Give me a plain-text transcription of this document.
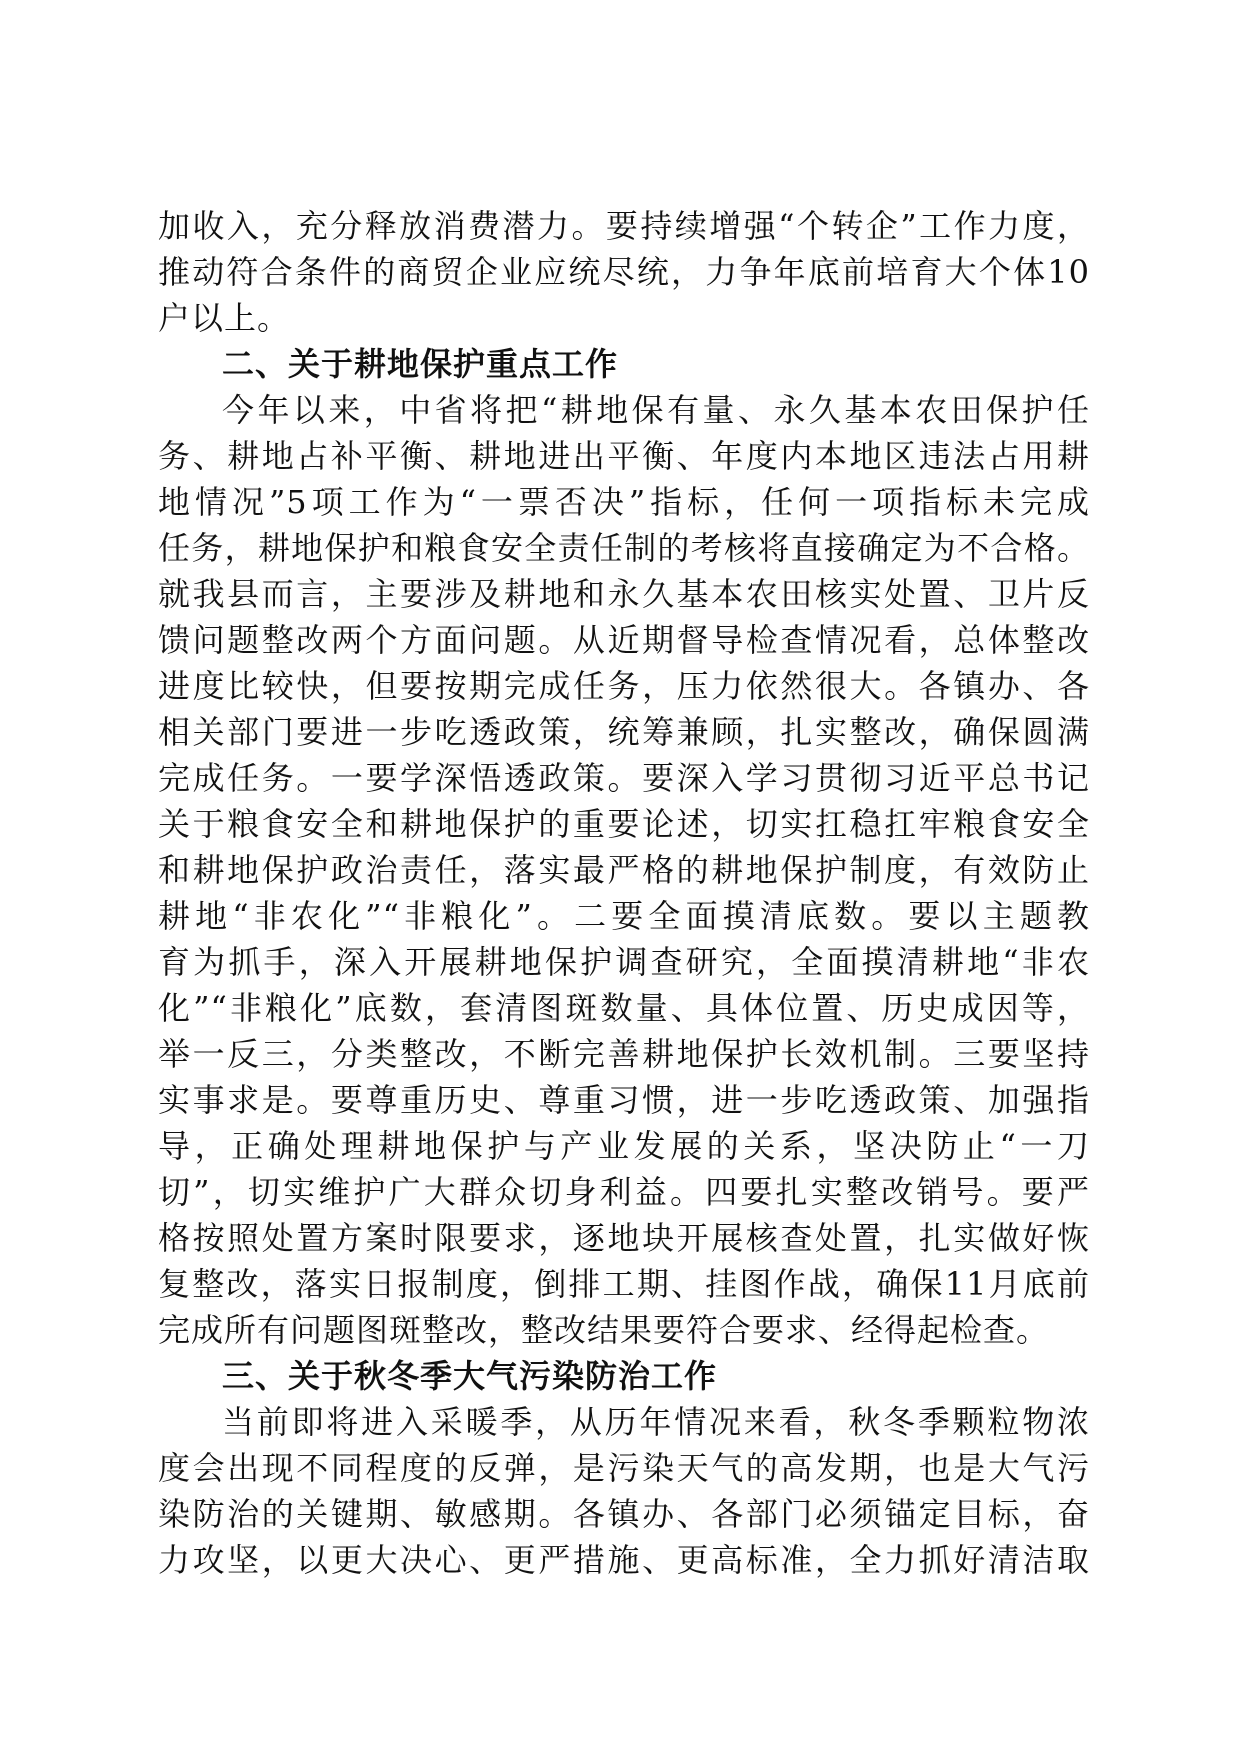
加收入，充分释放消费潜力。要持续增强“个转企”工作力度，
推动符合条件的商贸企业应统尽统，力争年底前培育大个体10
户以上。
二、关于耕地保护重点工作
今年以来，中省将把“耕地保有量、永久基本农田保护任
务、耕地占补平衡、耕地进出平衡、年度内本地区违法占用耕
地情况”5项工作为“一票否决”指标，任何一项指标未完成
任务，耕地保护和粮食安全责任制的考核将直接确定为不合格。
就我县而言，主要涉及耕地和永久基本农田核实处置、卫片反
馈问题整改两个方面问题。从近期督导检查情况看，总体整改
进度比较快，但要按期完成任务，压力依然很大。各镇办、各
相关部门要进一步吃透政策，统筹兼顾，扎实整改，确保圆满
完成任务。一要学深悟透政策。要深入学习贯彻习近平总书记
关于粮食安全和耕地保护的重要论述，切实扛稳扛牢粮食安全
和耕地保护政治责任，落实最严格的耕地保护制度，有效防止
耕地“非农化”“非粮化”。二要全面摸清底数。要以主题教
育为抓手，深入开展耕地保护调查研究，全面摸清耕地“非农
化”“非粮化”底数，套清图斑数量、具体位置、历史成因等，
举一反三，分类整改，不断完善耕地保护长效机制。三要坚持
实事求是。要尊重历史、尊重习惯，进一步吃透政策、加强指
导，正确处理耕地保护与产业发展的关系，坚决防止“一刀
切”，切实维护广大群众切身利益。四要扎实整改销号。要严
格按照处置方案时限要求，逐地块开展核查处置，扎实做好恢
复整改，落实日报制度，倒排工期、挂图作战，确保11月底前
完成所有问题图斑整改，整改结果要符合要求、经得起检查。
三、关于秋冬季大气污染防治工作
当前即将进入采暖季，从历年情况来看，秋冬季颗粒物浓
度会出现不同程度的反弹，是污染天气的高发期，也是大气污
染防治的关键期、敏感期。各镇办、各部门必须锚定目标，奋
力攻坚，以更大决心、更严措施、更高标准，全力抓好清洁取
